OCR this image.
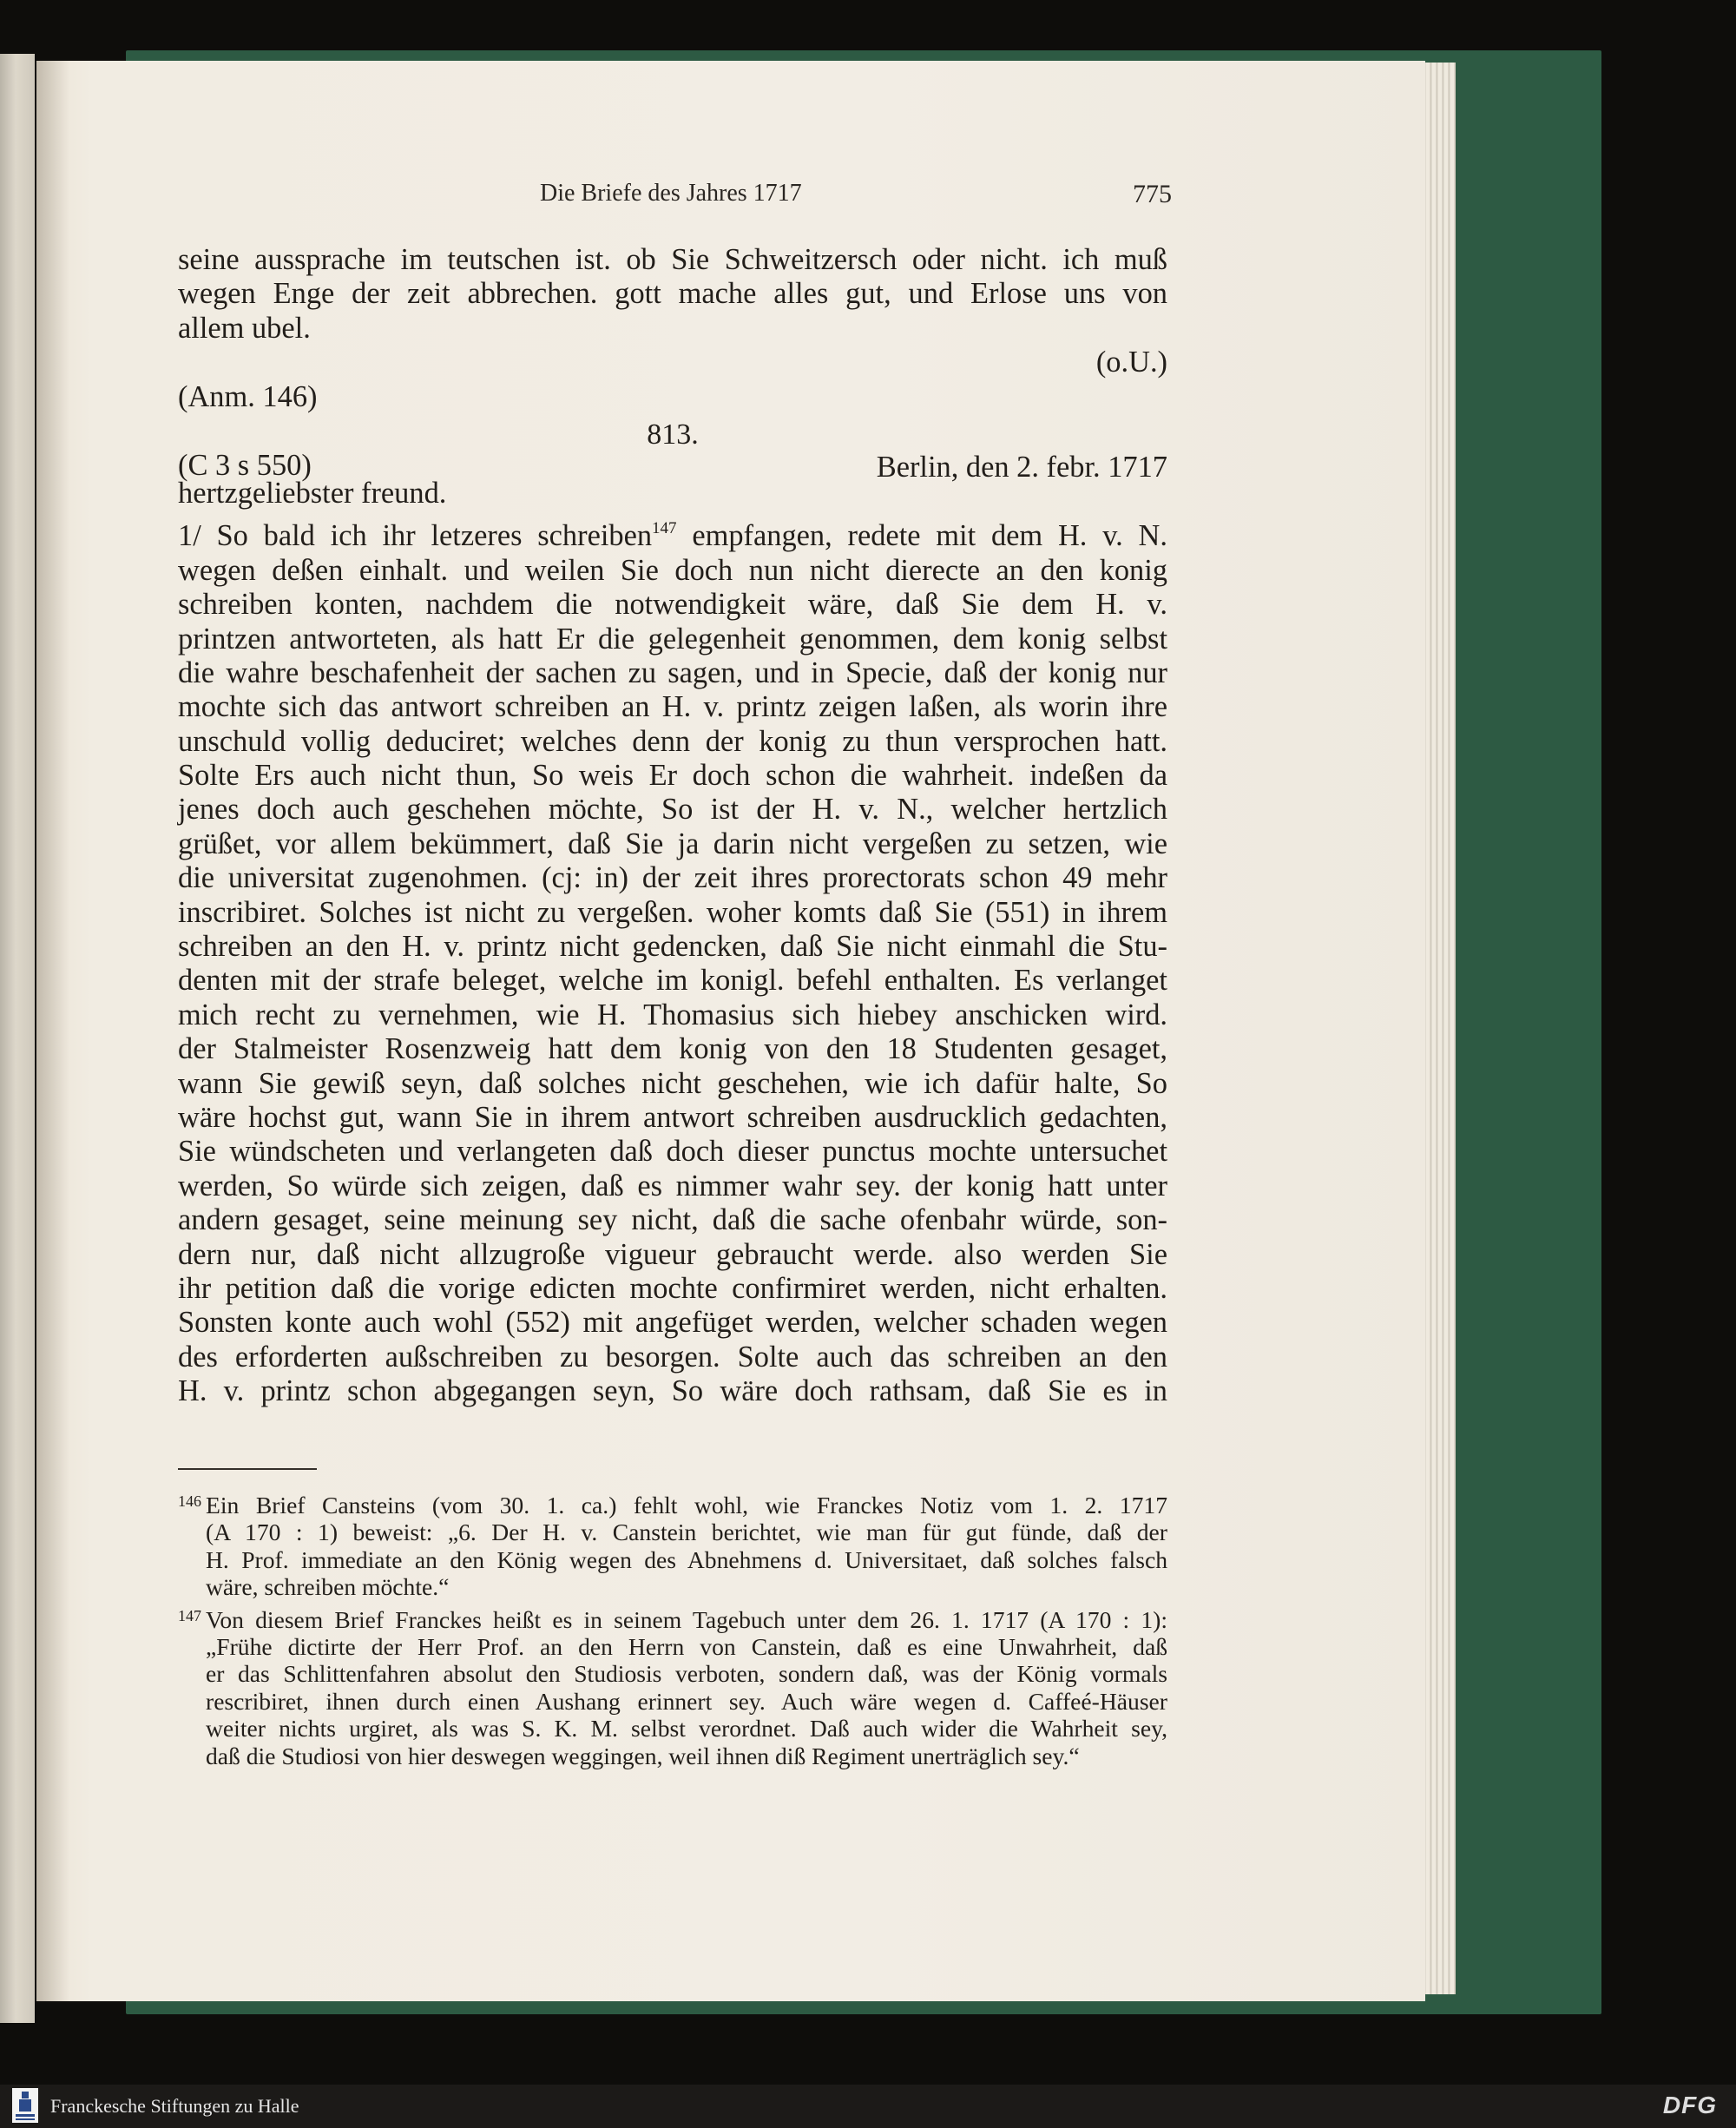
Die Briefe des Jahres 1717	775
seine aussprache im teutschen ist. ob Sie Schweitzersch oder nicht. ich muß
wegen Enge der zeit abbrechen. gott mache alles gut, und Erlose uns von
allem ubel.
(o.U.)
(Anm. 146)
813.
(C 3 s 550)	Berlin, den 2. febr. 1717
hertzgeliebster freund.
1/ So bald ich ihr letzeres schreiben$^{147}$ empfangen, redete mit dem H. v. N.
wegen deßen einhalt. und weilen Sie doch nun nicht dierecte an den konig
schreiben konten, nachdem die notwendigkeit wäre, daß Sie dem H. v.
printzen antworteten, als hatt Er die gelegenheit genommen, dem konig selbst
die wahre beschafenheit der sachen zu sagen, und in Specie, daß der konig nur
mochte sich das antwort schreiben an H. v. printz zeigen laßen, als worin ihre
unschuld vollig deduciret; welches denn der konig zu thun versprochen hatt.
Solte Ers auch nicht thun, So weis Er doch schon die wahrheit. indeßen da
jenes doch auch geschehen möchte, So ist der H. v. N., welcher hertzlich
grüßet, vor allem bekümmert, daß Sie ja darin nicht vergeßen zu setzen, wie
die universitat zugenohmen. (cj: in) der zeit ihres prorectorats schon 49 mehr
inscribiret. Solches ist nicht zu vergeßen. woher komts daß Sie (551) in ihrem
schreiben an den H. v. printz nicht gedencken, daß Sie nicht einmahl die Stu-
denten mit der strafe beleget, welche im konigl. befehl enthalten. Es verlanget
mich recht zu vernehmen, wie H. Thomasius sich hiebey anschicken wird.
der Stalmeister Rosenzweig hatt dem konig von den 18 Studenten gesaget,
wann Sie gewiß seyn, daß solches nicht geschehen, wie ich dafür halte, So
wäre hochst gut, wann Sie in ihrem antwort schreiben ausdrucklich gedachten,
Sie wündscheten und verlangeten daß doch dieser punctus mochte untersuchet
werden, So würde sich zeigen, daß es nimmer wahr sey. der konig hatt unter
andern gesaget, seine meinung sey nicht, daß die sache ofenbahr würde, son-
dern nur, daß nicht allzugroße vigueur gebraucht werde. also werden Sie
ihr petition daß die vorige edicten mochte confirmiret werden, nicht erhalten.
Sonsten konte auch wohl (552) mit angefüget werden, welcher schaden wegen
des erforderten außschreiben zu besorgen. Solte auch das schreiben an den
H. v. printz schon abgegangen seyn, So wäre doch rathsam, daß Sie es in
146 Ein Brief Cansteins (vom 30. 1. ca.) fehlt wohl, wie Franckes Notiz vom 1. 2. 1717
(A 170 : 1) beweist: „6. Der H. v. Canstein berichtet, wie man für gut fünde, daß der
H. Prof. immediate an den König wegen des Abnehmens d. Universitaet, daß solches falsch
wäre, schreiben möchte.“
147 Von diesem Brief Franckes heißt es in seinem Tagebuch unter dem 26. 1. 1717 (A 170 : 1):
„Frühe dictirte der Herr Prof. an den Herrn von Canstein, daß es eine Unwahrheit, daß
er das Schlittenfahren absolut den Studiosis verboten, sondern daß, was der König vormals
rescribiret, ihnen durch einen Aushang erinnert sey. Auch wäre wegen d. Caffeé-Häuser
weiter nichts urgiret, als was S. K. M. selbst verordnet. Daß auch wider die Wahrheit sey,
daß die Studiosi von hier deswegen weggingen, weil ihnen diß Regiment unerträglich sey.“
Franckesche Stiftungen zu Halle	DFG
